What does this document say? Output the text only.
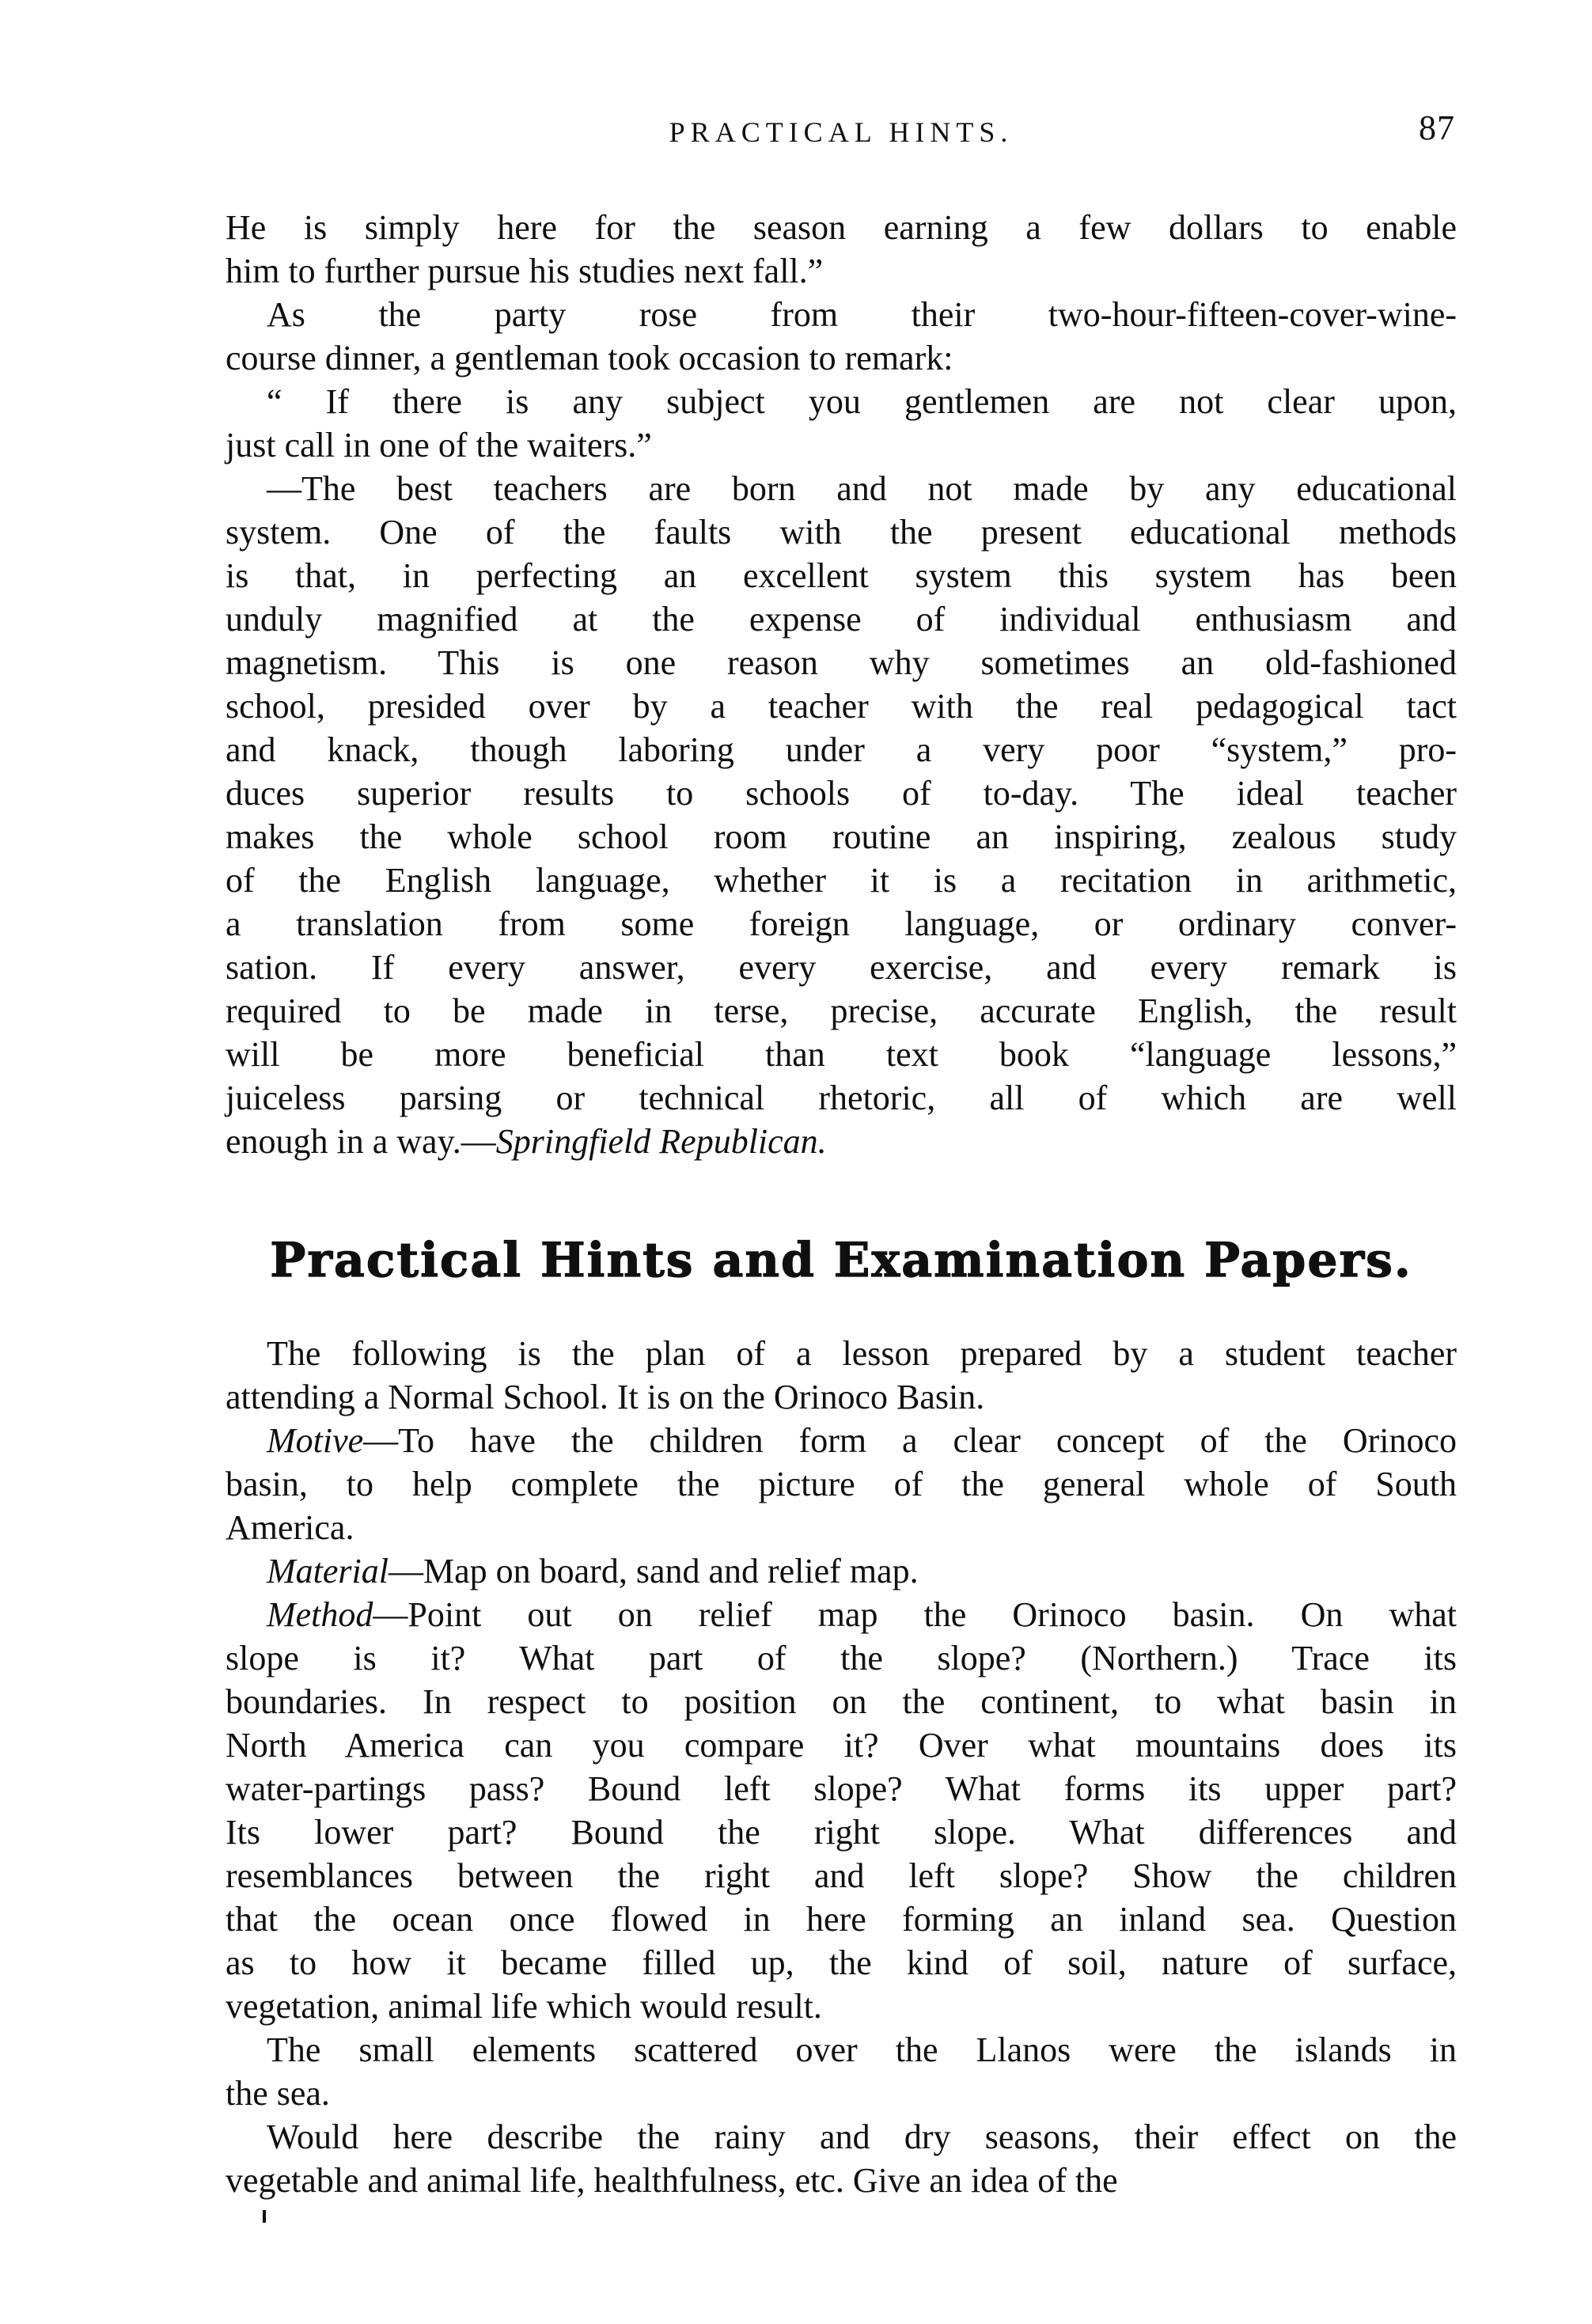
PRACTICAL HINTS.	87
He is simply here for the season earning a few dollars to enable
him to further pursue his studies next fall.”
As the party rose from their two-hour-fifteen-cover-wine-
course dinner, a gentleman took occasion to remark:
“ If there is any subject you gentlemen are not clear upon,
just call in one of the waiters.”
—The best teachers are born and not made by any educational
system. One of the faults with the present educational methods
is that, in perfecting an excellent system this system has been
unduly magnified at the expense of individual enthusiasm and
magnetism. This is one reason why sometimes an old-fashioned
school, presided over by a teacher with the real pedagogical tact
and knack, though laboring under a very poor “system,” pro-
duces superior results to schools of to-day. The ideal teacher
makes the whole school room routine an inspiring, zealous study
of the English language, whether it is a recitation in arithmetic,
a translation from some foreign language, or ordinary conver-
sation. If every answer, every exercise, and every remark is
required to be made in terse, precise, accurate English, the result
will be more beneficial than text book “language lessons,”
juiceless parsing or technical rhetoric, all of which are well
enough in a way.—Springfield Republican.
Practical Hints and Examination Papers.
The following is the plan of a lesson prepared by a student teacher
attending a Normal School. It is on the Orinoco Basin.
Motive—To have the children form a clear concept of the Orinoco
basin, to help complete the picture of the general whole of South
America.
Material—Map on board, sand and relief map.
Method—Point out on relief map the Orinoco basin. On what
slope is it? What part of the slope? (Northern.) Trace its
boundaries. In respect to position on the continent, to what basin in
North America can you compare it? Over what mountains does its
water-partings pass? Bound left slope? What forms its upper part?
Its lower part? Bound the right slope. What differences and
resemblances between the right and left slope? Show the children
that the ocean once flowed in here forming an inland sea. Question
as to how it became filled up, the kind of soil, nature of surface,
vegetation, animal life which would result.
The small elements scattered over the Llanos were the islands in
the sea.
Would here describe the rainy and dry seasons, their effect on the
vegetable and animal life, healthfulness, etc. Give an idea of the
